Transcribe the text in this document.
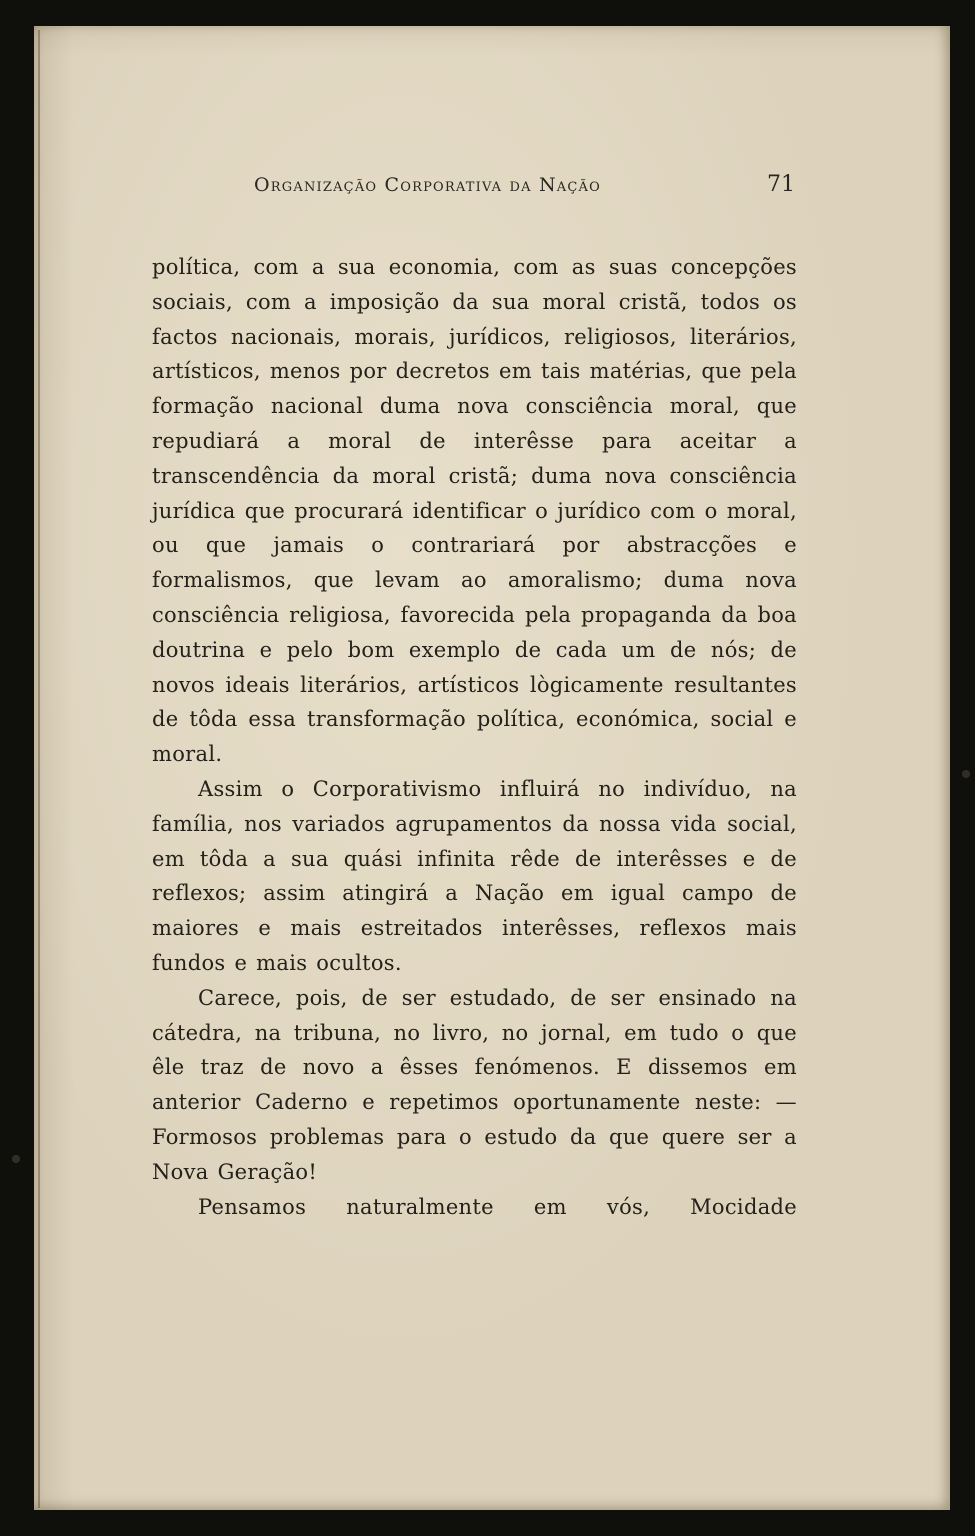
Organização Corporativa da Nação	71

política, com a sua economia, com as suas concepções sociais, com a imposição da sua moral cristã, todos os factos nacionais, morais, jurídicos, religiosos, literários, artísticos, menos por decretos em tais matérias, que pela formação nacional duma nova consciência moral, que repudiará a moral de interêsse para aceitar a transcendência da moral cristã; duma nova consciência jurídica que procurará identificar o jurídico com o moral, ou que jamais o contrariará por abstracções e formalismos, que levam ao amoralismo; duma nova consciência religiosa, favorecida pela propaganda da boa doutrina e pelo bom exemplo de cada um de nós; de novos ideais literários, artísticos lògicamente resultantes de tôda essa transformação política, económica, social e moral.

Assim o Corporativismo influirá no indivíduo, na família, nos variados agrupamentos da nossa vida social, em tôda a sua quási infinita rêde de interêsses e de reflexos; assim atingirá a Nação em igual campo de maiores e mais estreitados interêsses, reflexos mais fundos e mais ocultos.

Carece, pois, de ser estudado, de ser ensinado na cátedra, na tribuna, no livro, no jornal, em tudo o que êle traz de novo a êsses fenómenos. E dissemos em anterior Caderno e repetimos oportunamente neste: — Formosos problemas para o estudo da que quere ser a Nova Geração!

Pensamos naturalmente em vós, Mocidade
